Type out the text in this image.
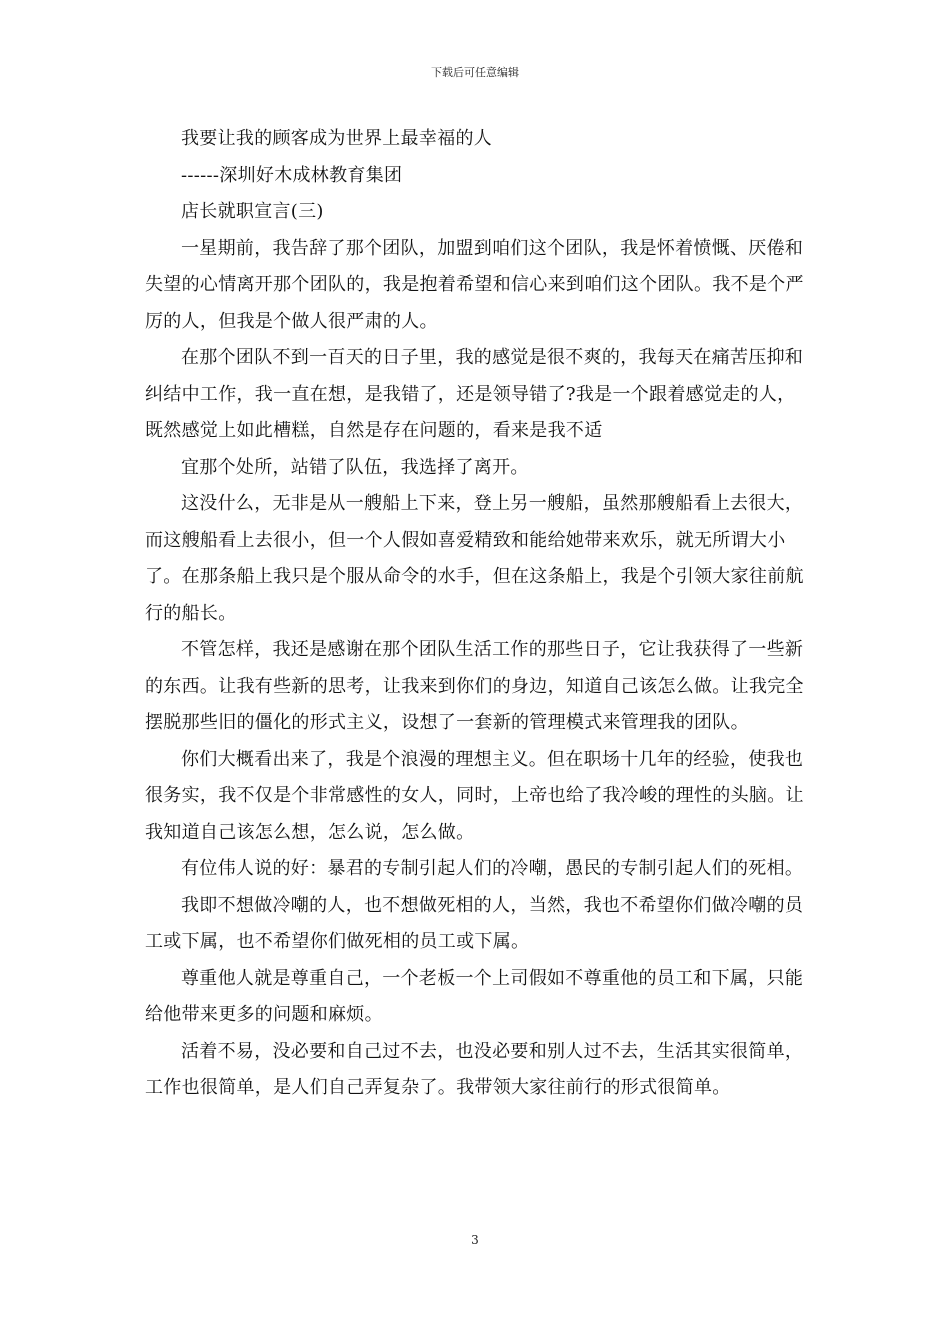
下载后可任意编辑

我要让我的顾客成为世界上最幸福的人

------深圳好木成林教育集团

店长就职宣言(三)

一星期前，我告辞了那个团队，加盟到咱们这个团队，我是怀着愤慨、厌倦和失望的心情离开那个团队的，我是抱着希望和信心来到咱们这个团队。我不是个严厉的人，但我是个做人很严肃的人。

在那个团队不到一百天的日子里，我的感觉是很不爽的，我每天在痛苦压抑和纠结中工作，我一直在想，是我错了，还是领导错了?我是一个跟着感觉走的人，既然感觉上如此槽糕，自然是存在问题的，看来是我不适

宜那个处所，站错了队伍，我选择了离开。

这没什么，无非是从一艘船上下来，登上另一艘船，虽然那艘船看上去很大，而这艘船看上去很小，但一个人假如喜爱精致和能给她带来欢乐，就无所谓大小了。在那条船上我只是个服从命令的水手，但在这条船上，我是个引领大家往前航行的船长。

不管怎样，我还是感谢在那个团队生活工作的那些日子，它让我获得了一些新的东西。让我有些新的思考，让我来到你们的身边，知道自己该怎么做。让我完全摆脱那些旧的僵化的形式主义，设想了一套新的管理模式来管理我的团队。

你们大概看出来了，我是个浪漫的理想主义。但在职场十几年的经验，使我也很务实，我不仅是个非常感性的女人，同时，上帝也给了我冷峻的理性的头脑。让我知道自己该怎么想，怎么说，怎么做。

有位伟人说的好：暴君的专制引起人们的冷嘲，愚民的专制引起人们的死相。

我即不想做冷嘲的人，也不想做死相的人，当然，我也不希望你们做冷嘲的员工或下属，也不希望你们做死相的员工或下属。

尊重他人就是尊重自己，一个老板一个上司假如不尊重他的员工和下属，只能给他带来更多的问题和麻烦。

活着不易，没必要和自己过不去，也没必要和别人过不去，生活其实很简单，工作也很简单，是人们自己弄复杂了。我带领大家往前行的形式很简单。

3
